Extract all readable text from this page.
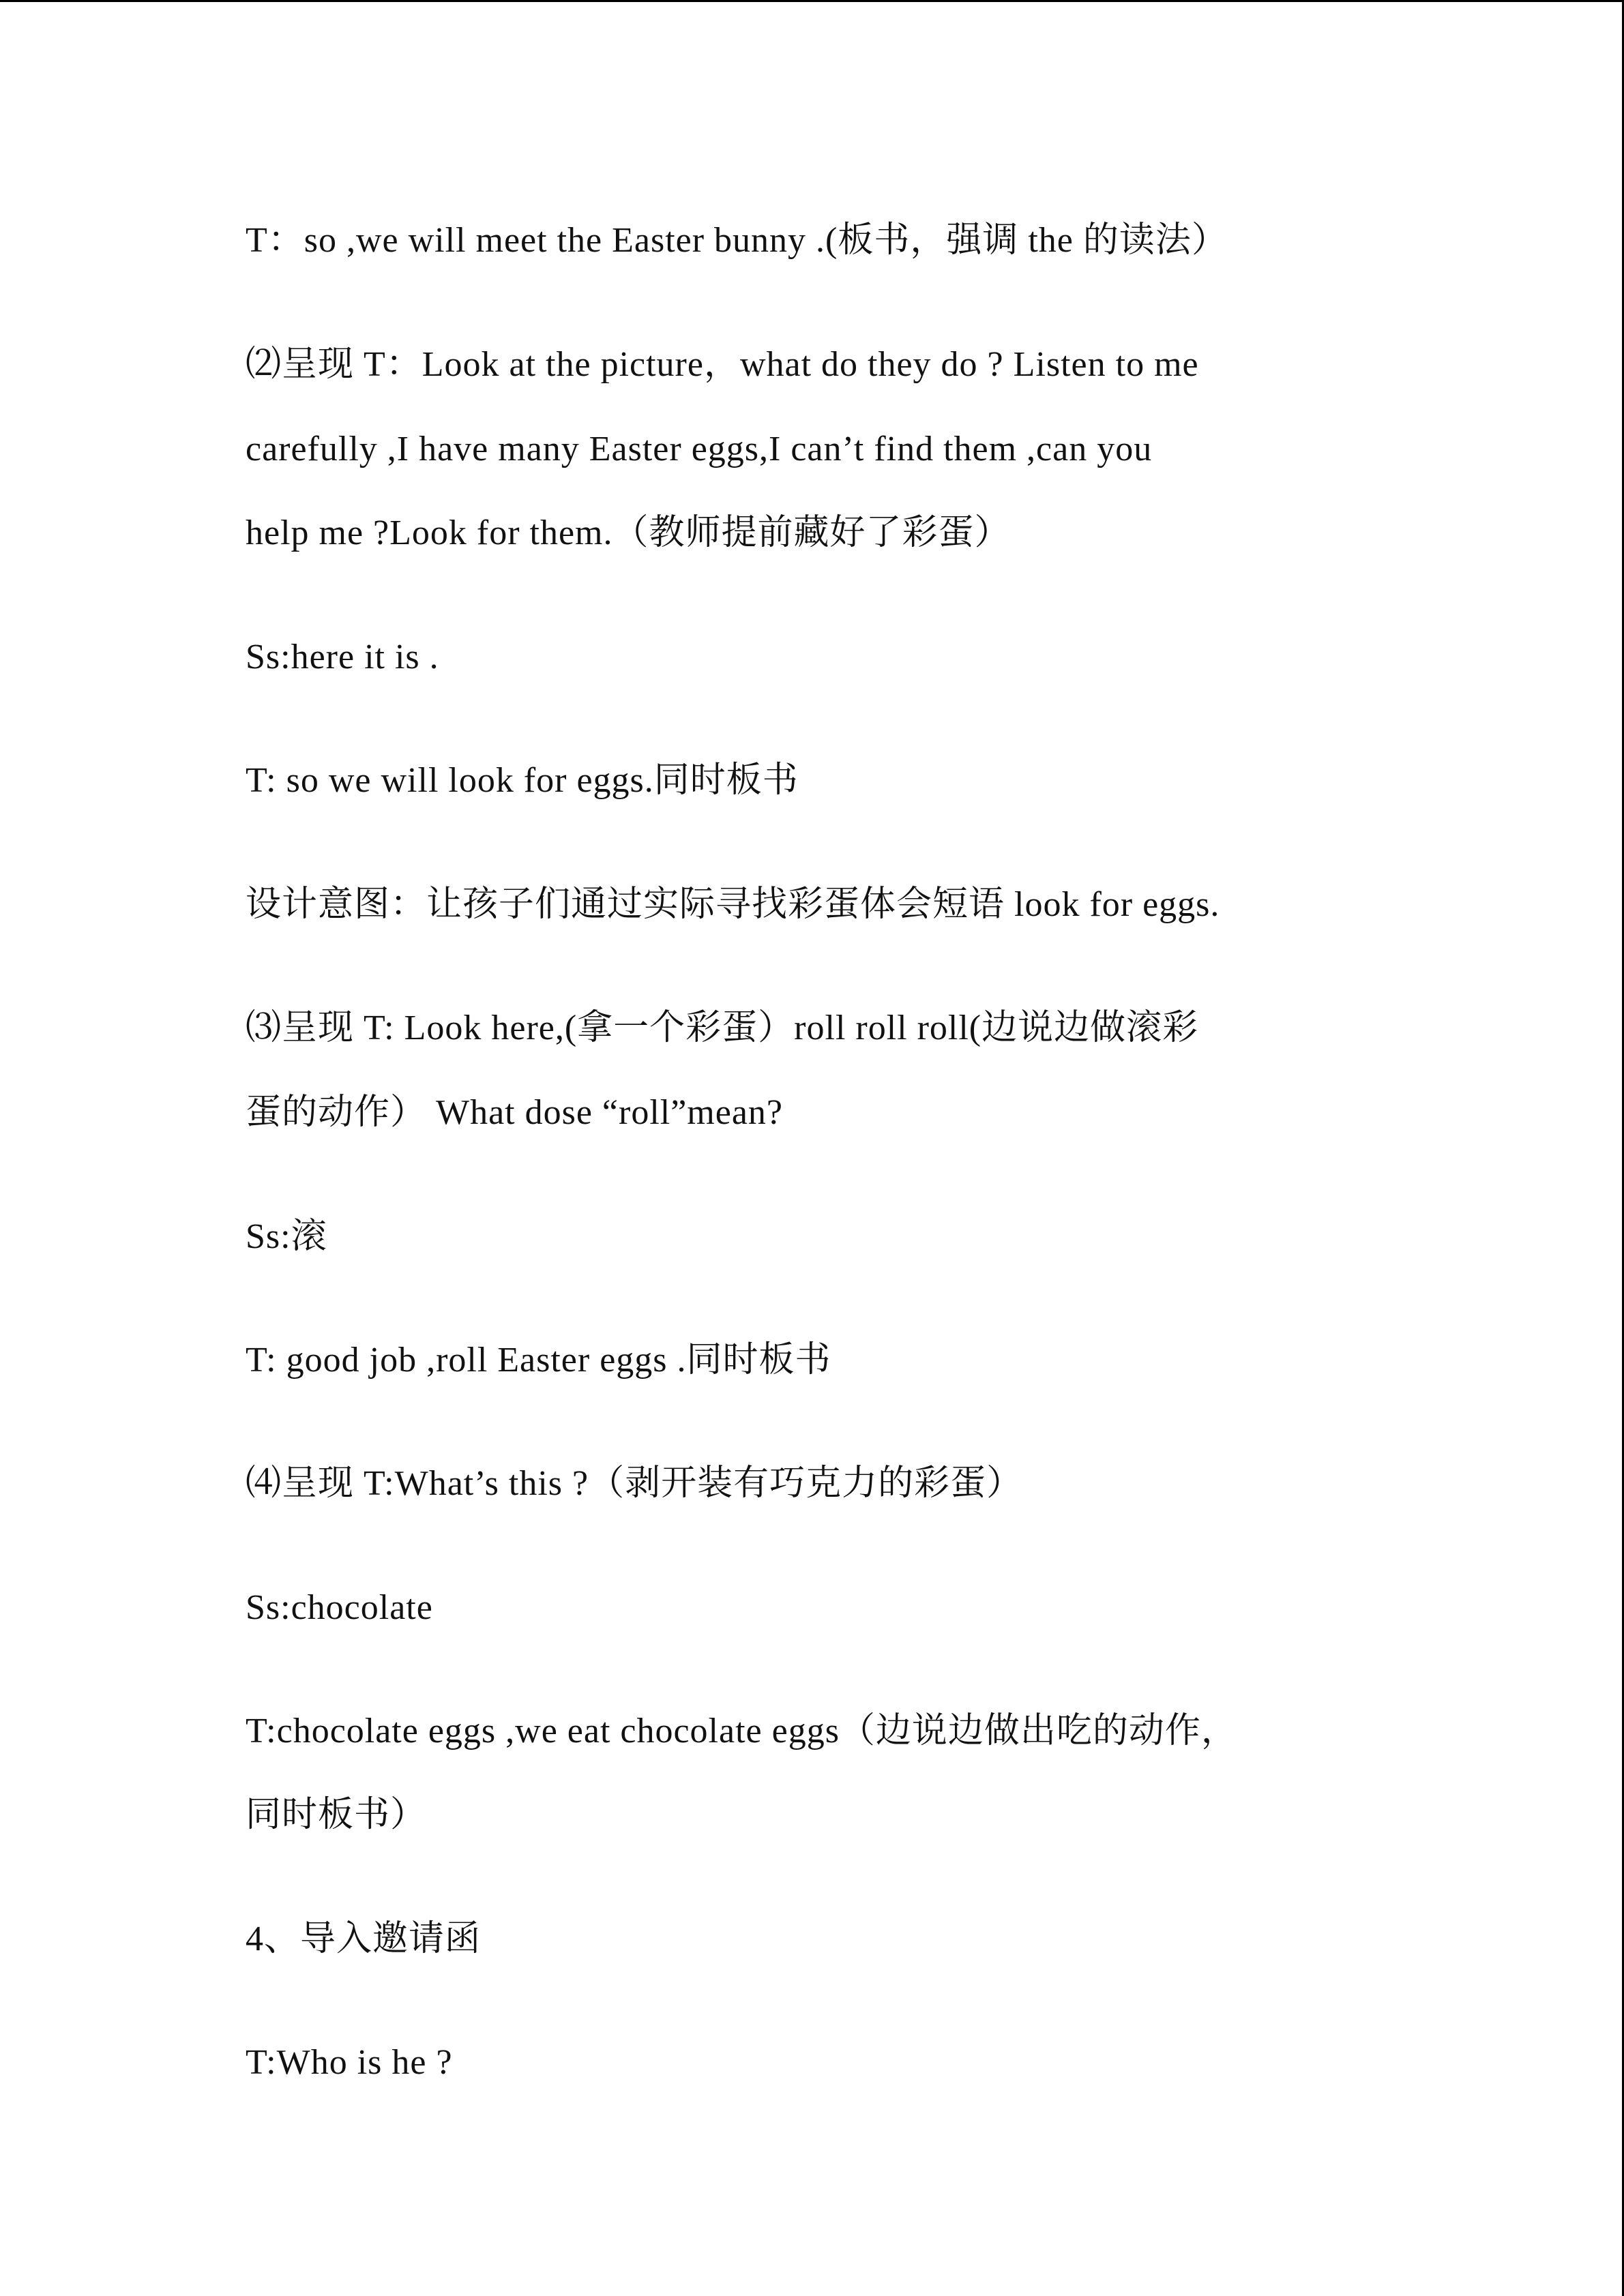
T：so ,we will meet the Easter bunny .(板书，强调 the 的读法）
⑵呈现 T：Look at the picture，what do they do ? Listen to me
carefully ,I have many Easter eggs,I can’t find them ,can you
help me ?Look for them.（教师提前藏好了彩蛋）
Ss:here it is .
T: so we will look for eggs.同时板书
设计意图：让孩子们通过实际寻找彩蛋体会短语 look for eggs.
⑶呈现 T: Look here,(拿一个彩蛋）roll roll roll(边说边做滚彩
蛋的动作） What dose “roll”mean?
Ss:滚
T: good job ,roll Easter eggs .同时板书
⑷呈现 T:What’s this ?（剥开装有巧克力的彩蛋）
Ss:chocolate
T:chocolate eggs ,we eat chocolate eggs（边说边做出吃的动作，
同时板书）
4、导入邀请函
T:Who is he ?
